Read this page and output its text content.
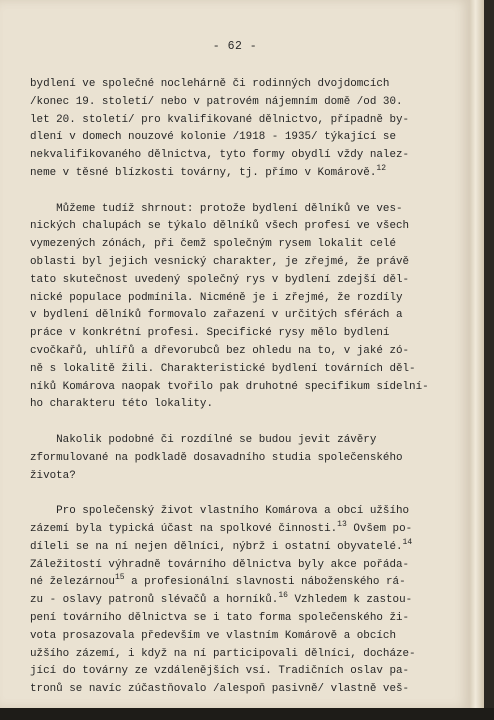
- 62 -
bydlení ve společné noclehárně či rodinných dvojdomcích
/konec 19. století/ nebo v patrovém nájemním domě /od 30.
let 20. století/ pro kvalifikované dělnictvo, případně by-
dlení v domech nouzové kolonie /1918 - 1935/ týkající se
nekvalifikovaného dělnictva, tyto formy obydlí vždy nalez-
neme v těsné blízkosti továrny, tj. přímo v Komárově.$^{12}$
Můžeme tudíž shrnout: protože bydlení dělníků ve ves-
nických chalupách se týkalo dělníků všech profesí ve všech
vymezených zónách, při čemž společným rysem lokalit celé
oblasti byl jejich vesnický charakter, je zřejmé, že právě
tato skutečnost uvedený společný rys v bydlení zdejší děl-
nické populace podmínila. Nicméně je i zřejmé, že rozdíly
v bydlení dělníků formovalo zařazení v určitých sférách a
práce v konkrétní profesi. Specifické rysy mělo bydlení
cvočkařů, uhlířů a dřevorubců bez ohledu na to, v jaké zó-
ně s lokalitě žili. Charakteristické bydlení továrních děl-
níků Komárova naopak tvořilo pak druhotné specifikum sídelní-
ho charakteru této lokality.
Nakolik podobné či rozdílné se budou jevit závěry
zformulované na podkladě dosavadního studia společenského
života?
Pro společenský život vlastního Komárova a obcí užšího
zázemí byla typická účast na spolkové činnosti.$^{13}$ Ovšem po-
díleli se na ní nejen dělníci, nýbrž i ostatní obyvatelé.$^{14}$
Záležitostí výhradně továrního dělnictva byly akce pořáda-
né železárnou$^{15}$ a profesionální slavnosti náboženského rá-
zu - oslavy patronů slévačů a horníků.$^{16}$ Vzhledem k zastou-
pení továrního dělnictva se i tato forma společenského ži-
vota prosazovala především ve vlastním Komárově a obcích
užšího zázemí, i když na ní participovali dělníci, docháze-
jící do továrny ze vzdálenějších vsí. Tradičních oslav pa-
tronů se navíc zúčastňovalo /alespoň pasivně/ vlastně veš-
